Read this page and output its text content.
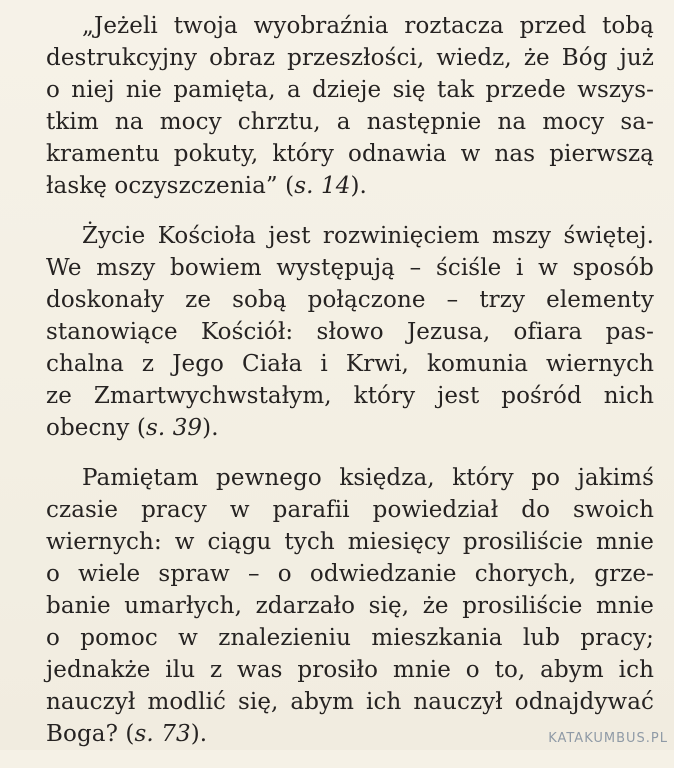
„Jeżeli twoja wyobraźnia roztacza przed tobą
destrukcyjny obraz przeszłości, wiedz, że Bóg już
o niej nie pamięta, a dzieje się tak przede wszys-
tkim na mocy chrztu, a następnie na mocy sa-
kramentu pokuty, który odnawia w nas pierwszą
łaskę oczyszczenia” (s. 14).

Życie Kościoła jest rozwinięciem mszy świętej.
We mszy bowiem występują – ściśle i w sposób
doskonały ze sobą połączone – trzy elementy
stanowiące Kościół: słowo Jezusa, ofiara pas-
chalna z Jego Ciała i Krwi, komunia wiernych
ze Zmartwychwstałym, który jest pośród nich
obecny (s. 39).

Pamiętam pewnego księdza, który po jakimś
czasie pracy w parafii powiedział do swoich
wiernych: w ciągu tych miesięcy prosiliście mnie
o wiele spraw – o odwiedzanie chorych, grze-
banie umarłych, zdarzało się, że prosiliście mnie
o pomoc w znalezieniu mieszkania lub pracy;
jednakże ilu z was prosiło mnie o to, abym ich
nauczył modlić się, abym ich nauczył odnajdywać
Boga? (s. 73).	KATAKUMBUS.PL
